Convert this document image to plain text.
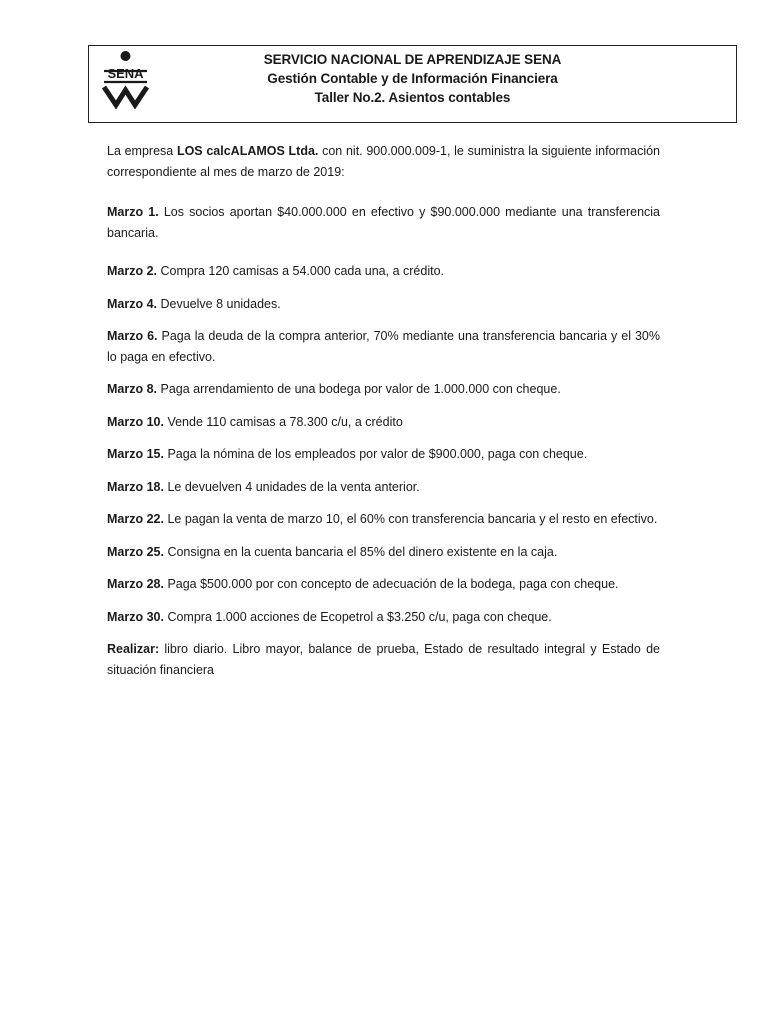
SENA
SERVICIO NACIONAL DE APRENDIZAJE SENA
Gestión Contable y de Información Financiera
Taller No.2. Asientos contables

La empresa LOS calcALAMOS Ltda. con nit. 900.000.009-1, le suministra la siguiente información correspondiente al mes de marzo de 2019:

Marzo 1. Los socios aportan $40.000.000 en efectivo y $90.000.000 mediante una transferencia bancaria.

Marzo 2. Compra 120 camisas a 54.000 cada una, a crédito.

Marzo 4. Devuelve 8 unidades.

Marzo 6. Paga la deuda de la compra anterior, 70% mediante una transferencia bancaria y el 30% lo paga en efectivo.

Marzo 8. Paga arrendamiento de una bodega por valor de 1.000.000 con cheque.

Marzo 10. Vende 110 camisas a 78.300 c/u, a crédito

Marzo 15. Paga la nómina de los empleados por valor de $900.000, paga con cheque.

Marzo 18. Le devuelven 4 unidades de la venta anterior.

Marzo 22. Le pagan la venta de marzo 10, el 60% con transferencia bancaria y el resto en efectivo.

Marzo 25. Consigna en la cuenta bancaria el 85% del dinero existente en la caja.

Marzo 28. Paga $500.000 por con concepto de adecuación de la bodega, paga con cheque.

Marzo 30. Compra 1.000 acciones de Ecopetrol a $3.250 c/u, paga con cheque.

Realizar: libro diario. Libro mayor, balance de prueba, Estado de resultado integral y Estado de situación financiera
